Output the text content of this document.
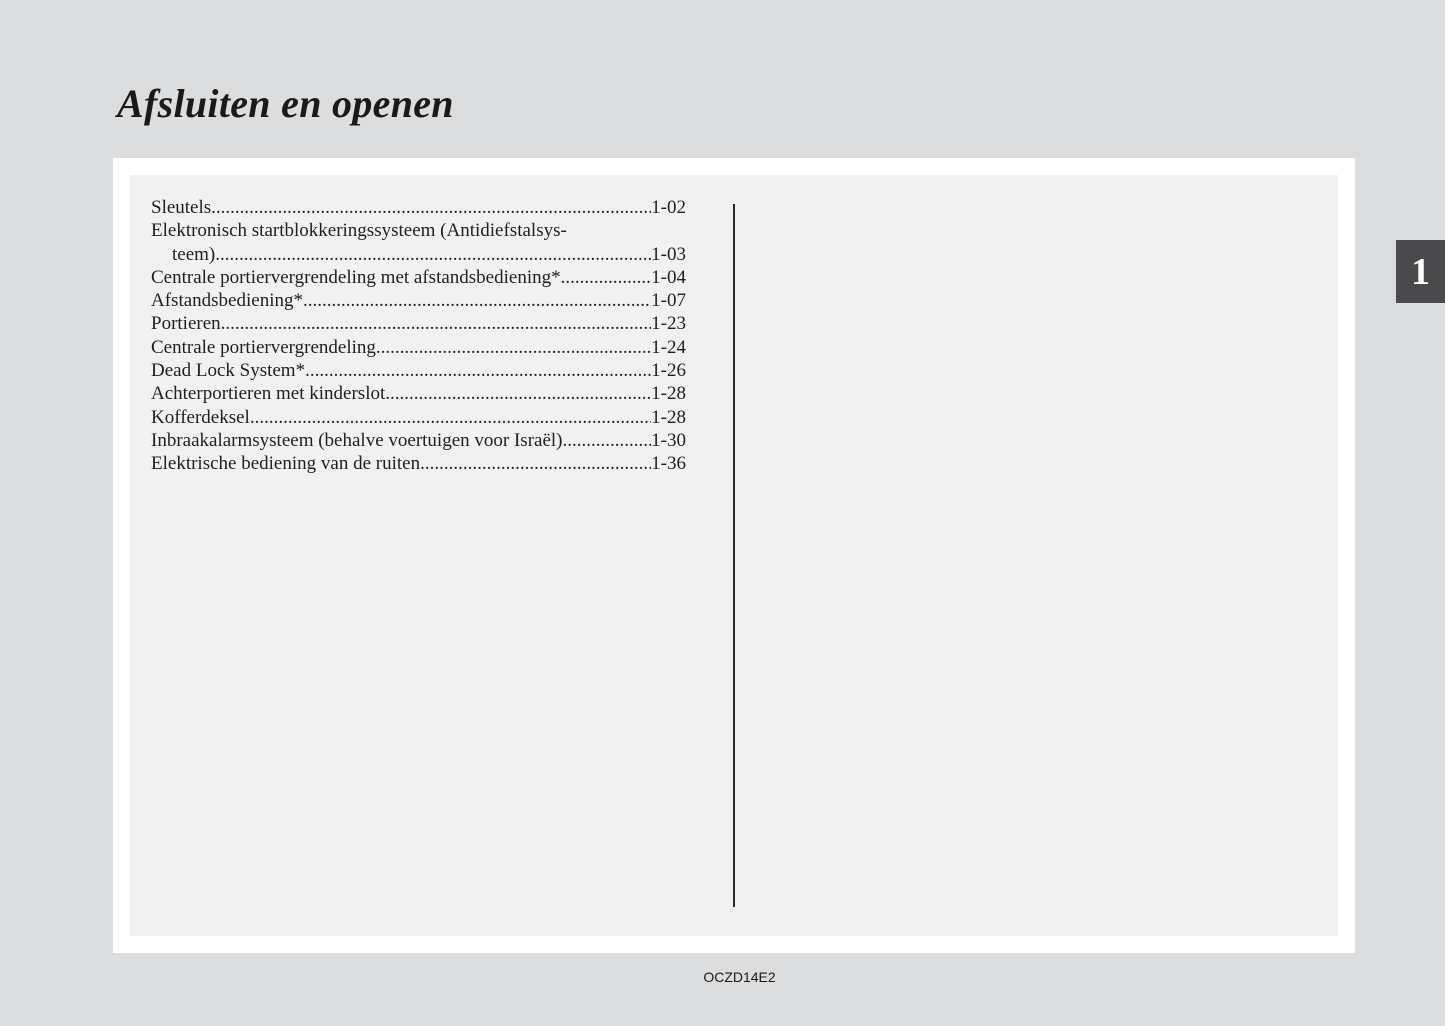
Afsluiten en openen
Sleutels .....	1-02
Elektronisch startblokkeringssysteem (Antidiefstalsys-
teem) .....	1-03
Centrale portiervergrendeling met afstandsbediening* .....	1-04
Afstandsbediening* .....	1-07
Portieren .....	1-23
Centrale portiervergrendeling .....	1-24
Dead Lock System* .....	1-26
Achterportieren met kinderslot .....	1-28
Kofferdeksel .....	1-28
Inbraakalarmsysteem (behalve voertuigen voor Israël) .....	1-30
Elektrische bediening van de ruiten .....	1-36
1
OCZD14E2
